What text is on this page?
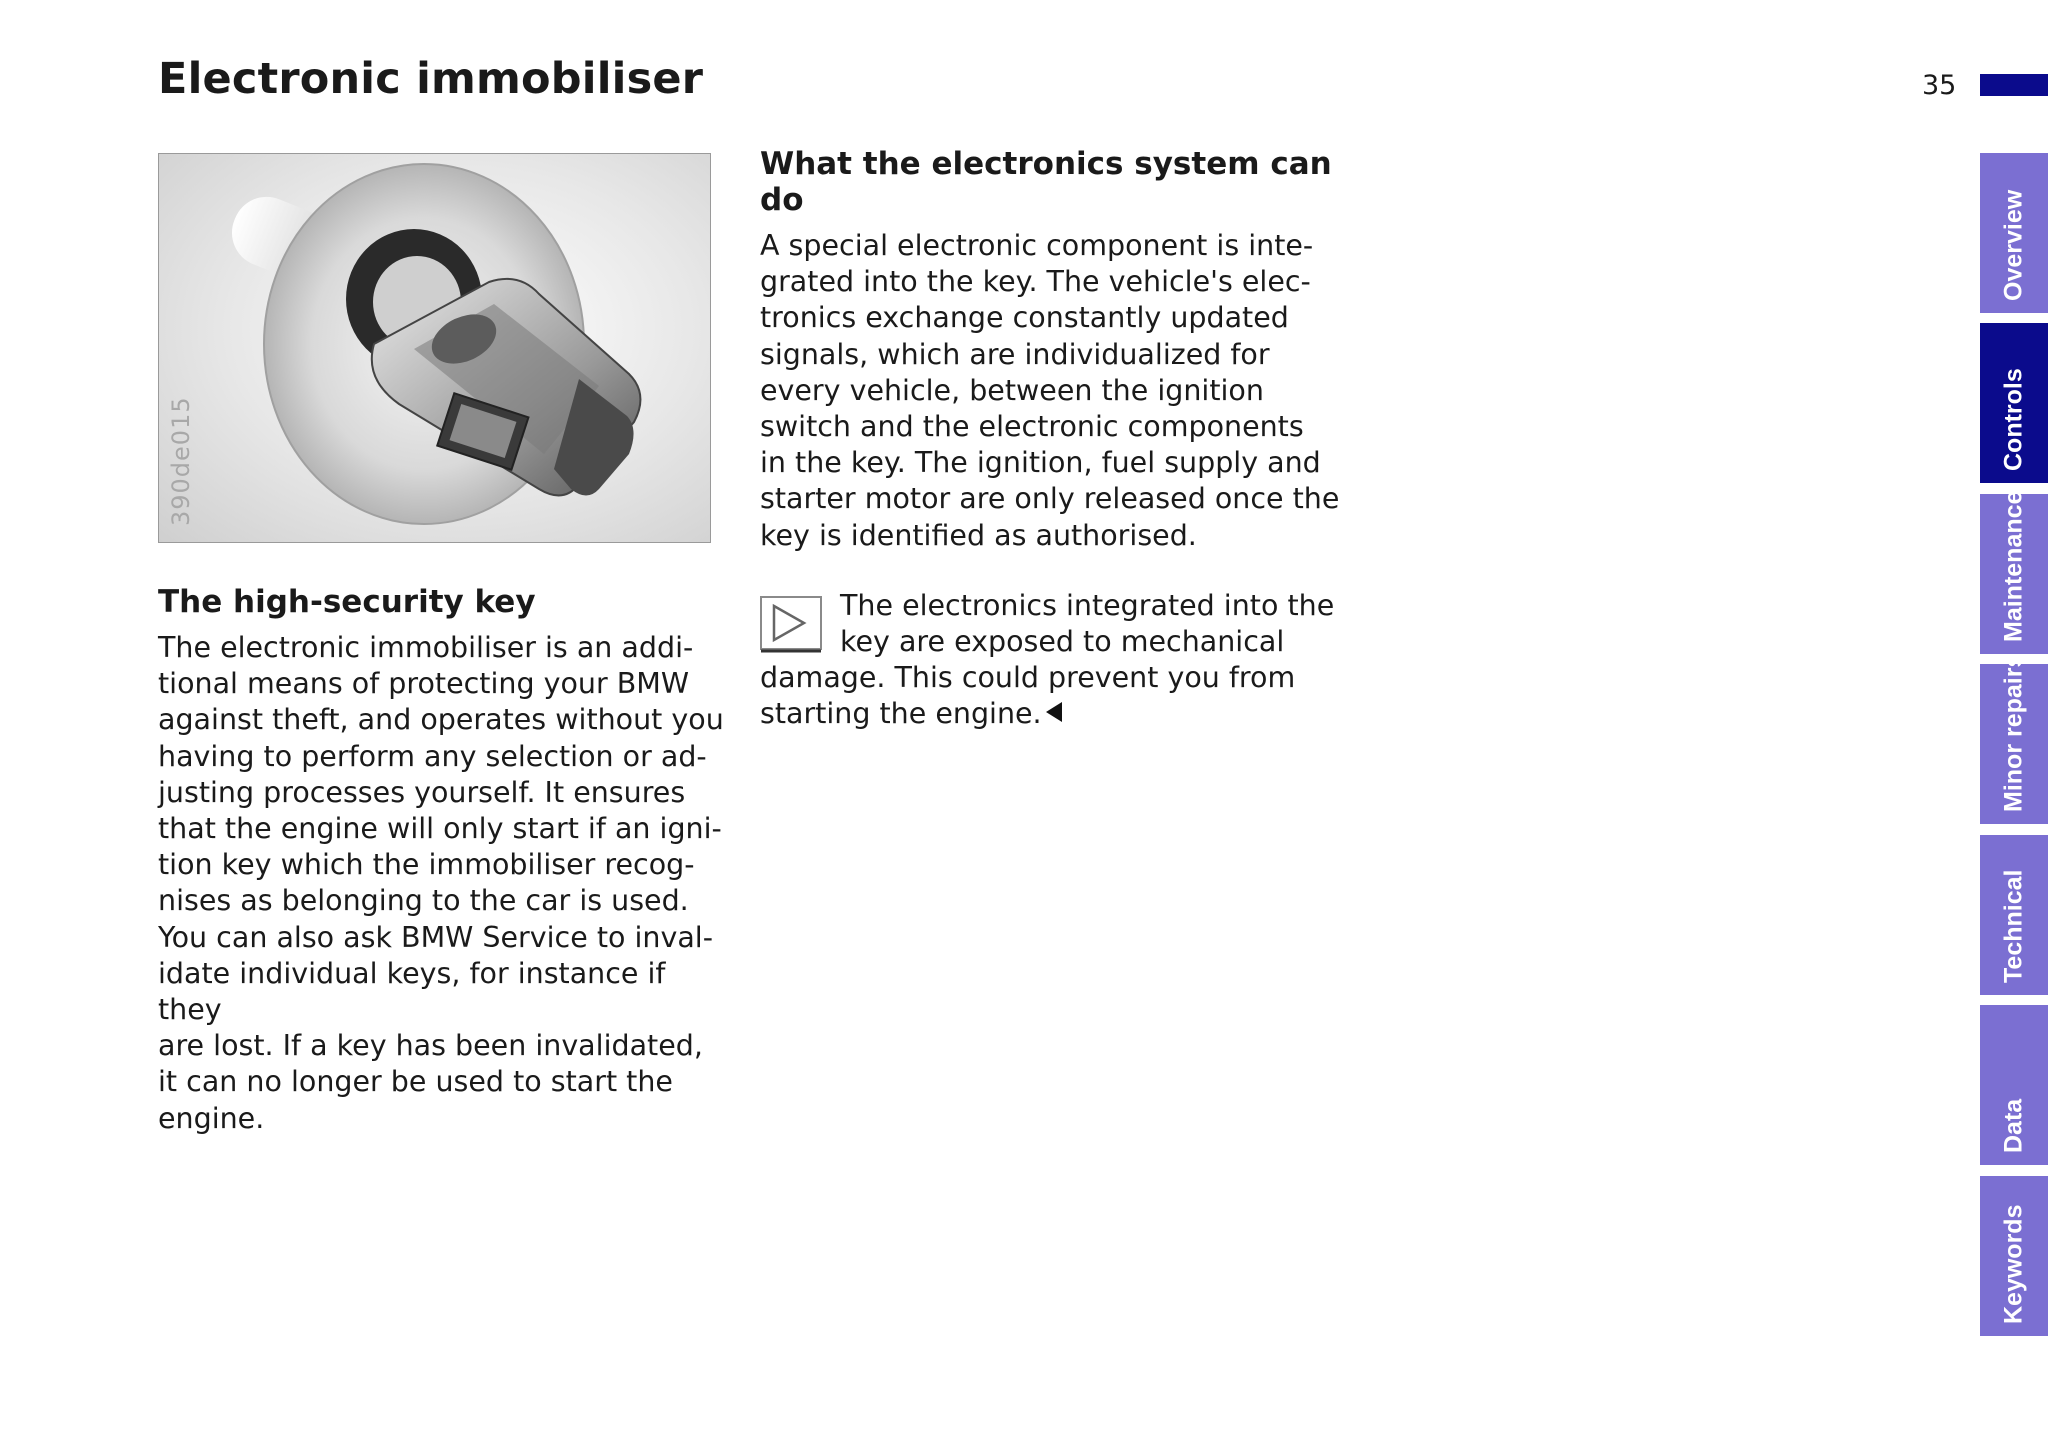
Electronic immobiliser	35
390de015
The high-security key

The electronic immobiliser is an addi-
tional means of protecting your BMW
against theft, and operates without you
having to perform any selection or ad-
justing processes yourself. It ensures
that the engine will only start if an igni-
tion key which the immobiliser recog-
nises as belonging to the car is used.
You can also ask BMW Service to inval-
idate individual keys, for instance if they
are lost. If a key has been invalidated,
it can no longer be used to start the
engine.

What the electronics system can
do

A special electronic component is inte-
grated into the key. The vehicle's elec-
tronics exchange constantly updated
signals, which are individualized for
every vehicle, between the ignition
switch and the electronic components
in the key. The ignition, fuel supply and
starter motor are only released once the
key is identified as authorised.

The electronics integrated into the
key are exposed to mechanical

damage. This could prevent you from
starting the engine.

Overview
Controls
Maintenance
Minor repairs
Technical
Data
Keywords
